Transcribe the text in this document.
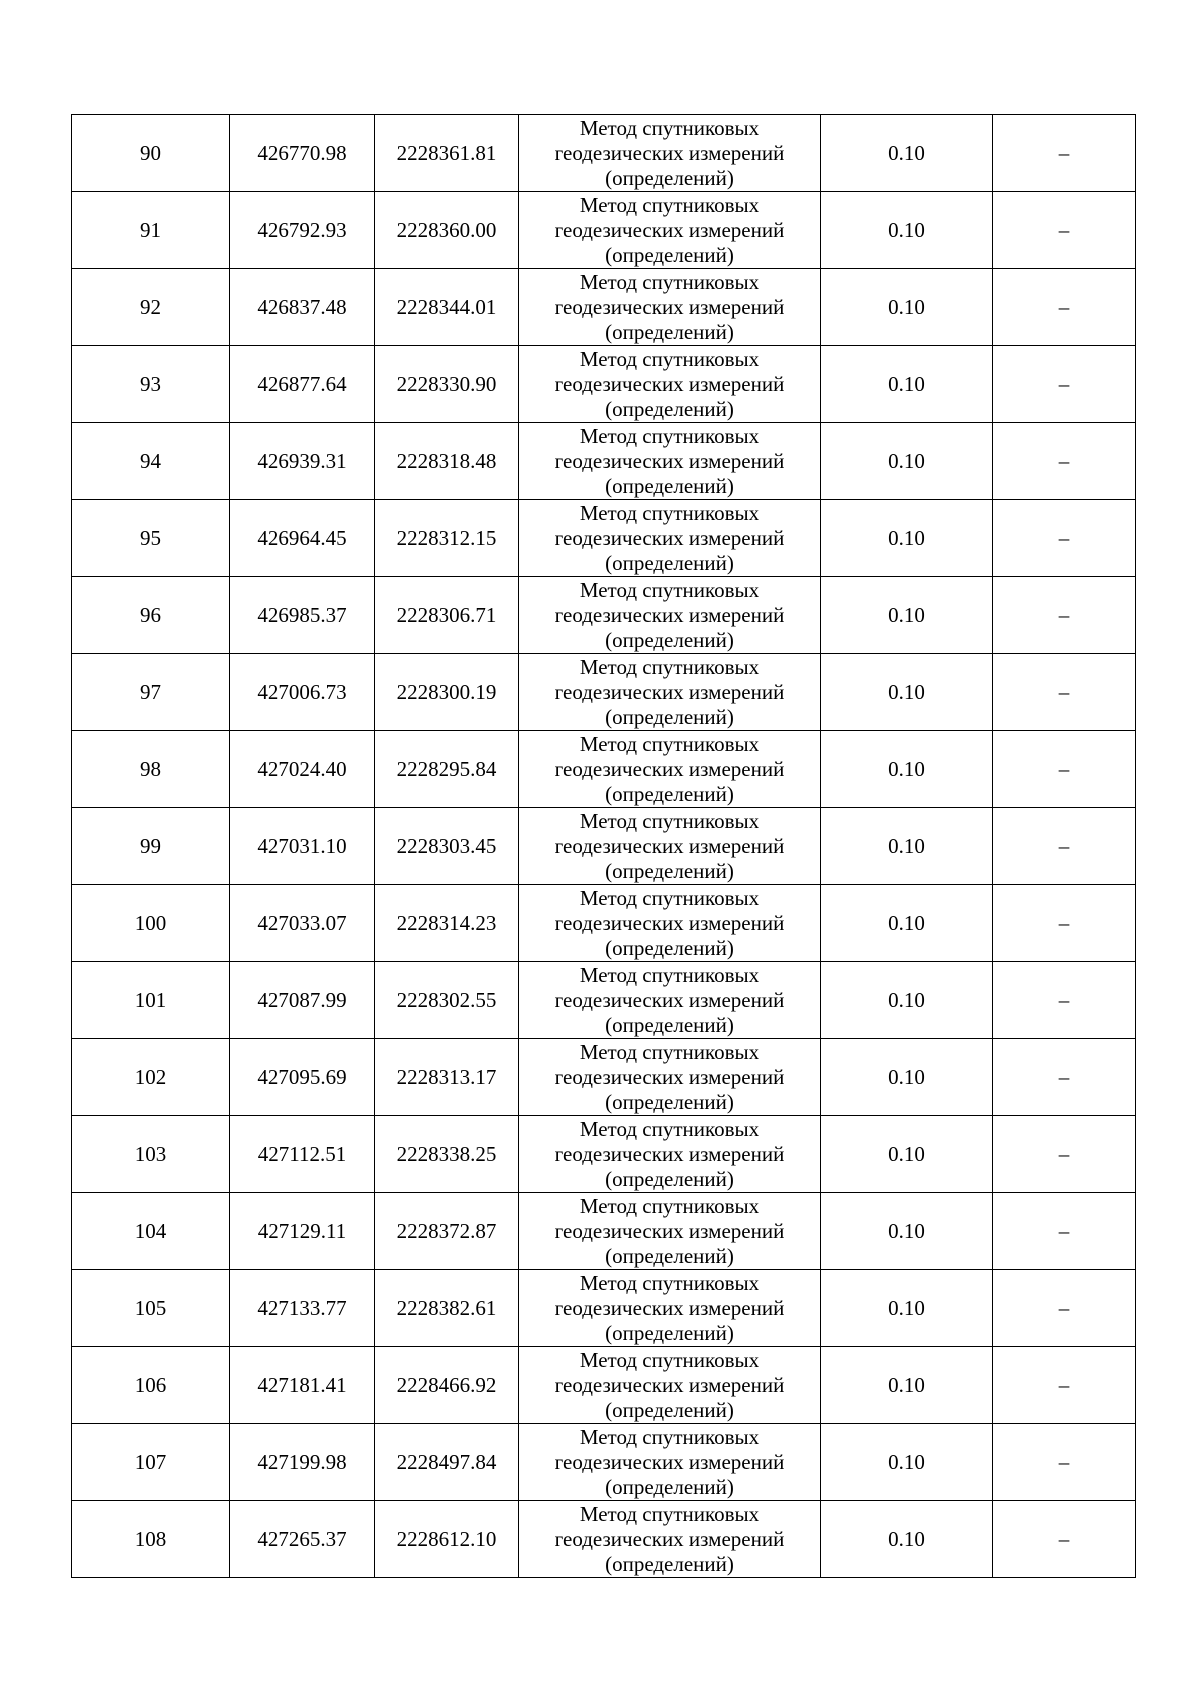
90	426770.98	2228361.81	Метод спутниковых
геодезических измерений
(определений)	0.10	–
91	426792.93	2228360.00	Метод спутниковых
геодезических измерений
(определений)	0.10	–
92	426837.48	2228344.01	Метод спутниковых
геодезических измерений
(определений)	0.10	–
93	426877.64	2228330.90	Метод спутниковых
геодезических измерений
(определений)	0.10	–
94	426939.31	2228318.48	Метод спутниковых
геодезических измерений
(определений)	0.10	–
95	426964.45	2228312.15	Метод спутниковых
геодезических измерений
(определений)	0.10	–
96	426985.37	2228306.71	Метод спутниковых
геодезических измерений
(определений)	0.10	–
97	427006.73	2228300.19	Метод спутниковых
геодезических измерений
(определений)	0.10	–
98	427024.40	2228295.84	Метод спутниковых
геодезических измерений
(определений)	0.10	–
99	427031.10	2228303.45	Метод спутниковых
геодезических измерений
(определений)	0.10	–
100	427033.07	2228314.23	Метод спутниковых
геодезических измерений
(определений)	0.10	–
101	427087.99	2228302.55	Метод спутниковых
геодезических измерений
(определений)	0.10	–
102	427095.69	2228313.17	Метод спутниковых
геодезических измерений
(определений)	0.10	–
103	427112.51	2228338.25	Метод спутниковых
геодезических измерений
(определений)	0.10	–
104	427129.11	2228372.87	Метод спутниковых
геодезических измерений
(определений)	0.10	–
105	427133.77	2228382.61	Метод спутниковых
геодезических измерений
(определений)	0.10	–
106	427181.41	2228466.92	Метод спутниковых
геодезических измерений
(определений)	0.10	–
107	427199.98	2228497.84	Метод спутниковых
геодезических измерений
(определений)	0.10	–
108	427265.37	2228612.10	Метод спутниковых
геодезических измерений
(определений)	0.10	–
